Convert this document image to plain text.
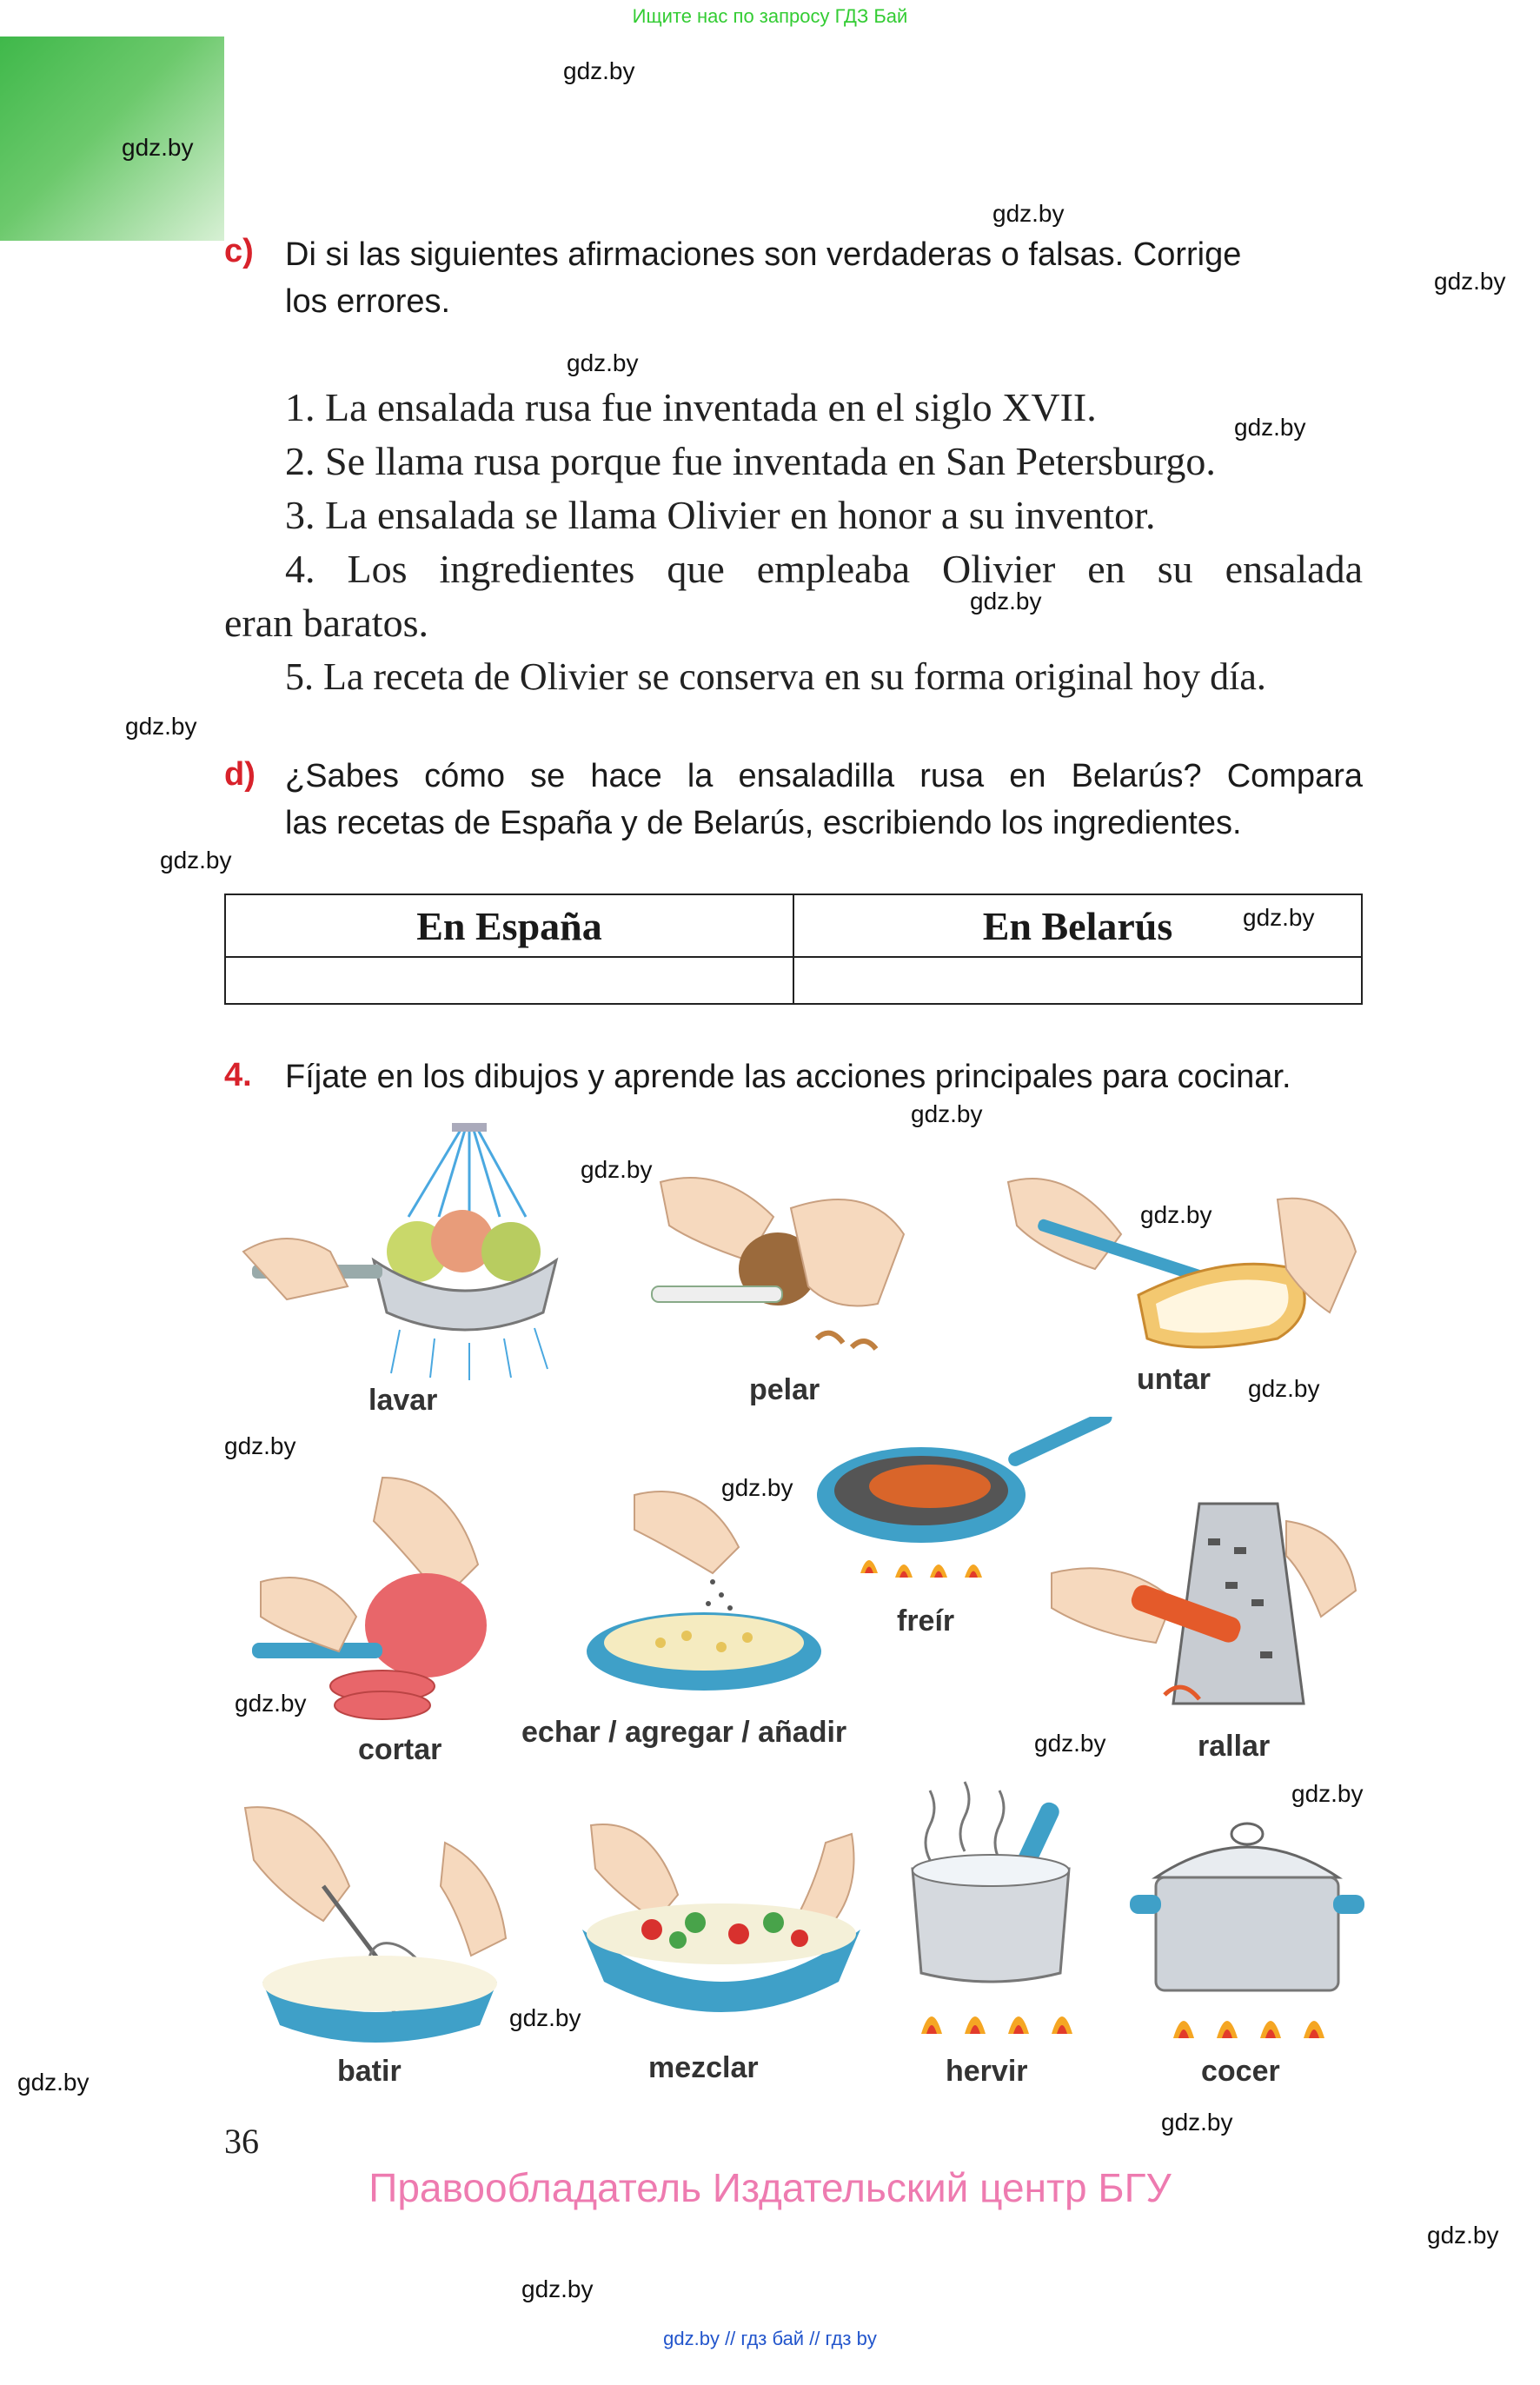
Ищите нас по запросу ГДЗ Бай
gdz.by
gdz.by
gdz.by
gdz.by
gdz.by
gdz.by
gdz.by
gdz.by
gdz.by
gdz.by
gdz.by
gdz.by
gdz.by
gdz.by
gdz.by
gdz.by
gdz.by
gdz.by
gdz.by
gdz.by
gdz.by
gdz.by
gdz.by
gdz.by
c) Di si las siguientes afirmaciones son verdaderas o falsas. Corrige
los errores.
1. La ensalada rusa fue inventada en el siglo XVII.
2. Se llama rusa porque fue inventada en San Petersburgo.
3. La ensalada se llama Olivier en honor a su inventor.
4. Los ingredientes que empleaba Olivier en su ensalada
eran baratos.
5. La receta de Olivier se conserva en su forma original hoy día.
d) ¿Sabes cómo se hace la ensaladilla rusa en Belarús? Compara
las recetas de España y de Belarús, escribiendo los ingredientes.
En España	En Belarús

4. Fíjate en los dibujos y aprende las acciones principales para cocinar.
lavar	pelar	untar
cortar
echar / agregar / añadir
freír
rallar
batir	mezclar	hervir	cocer
36
Правообладатель Издательский центр БГУ
gdz.by // гдз бай // гдз by
